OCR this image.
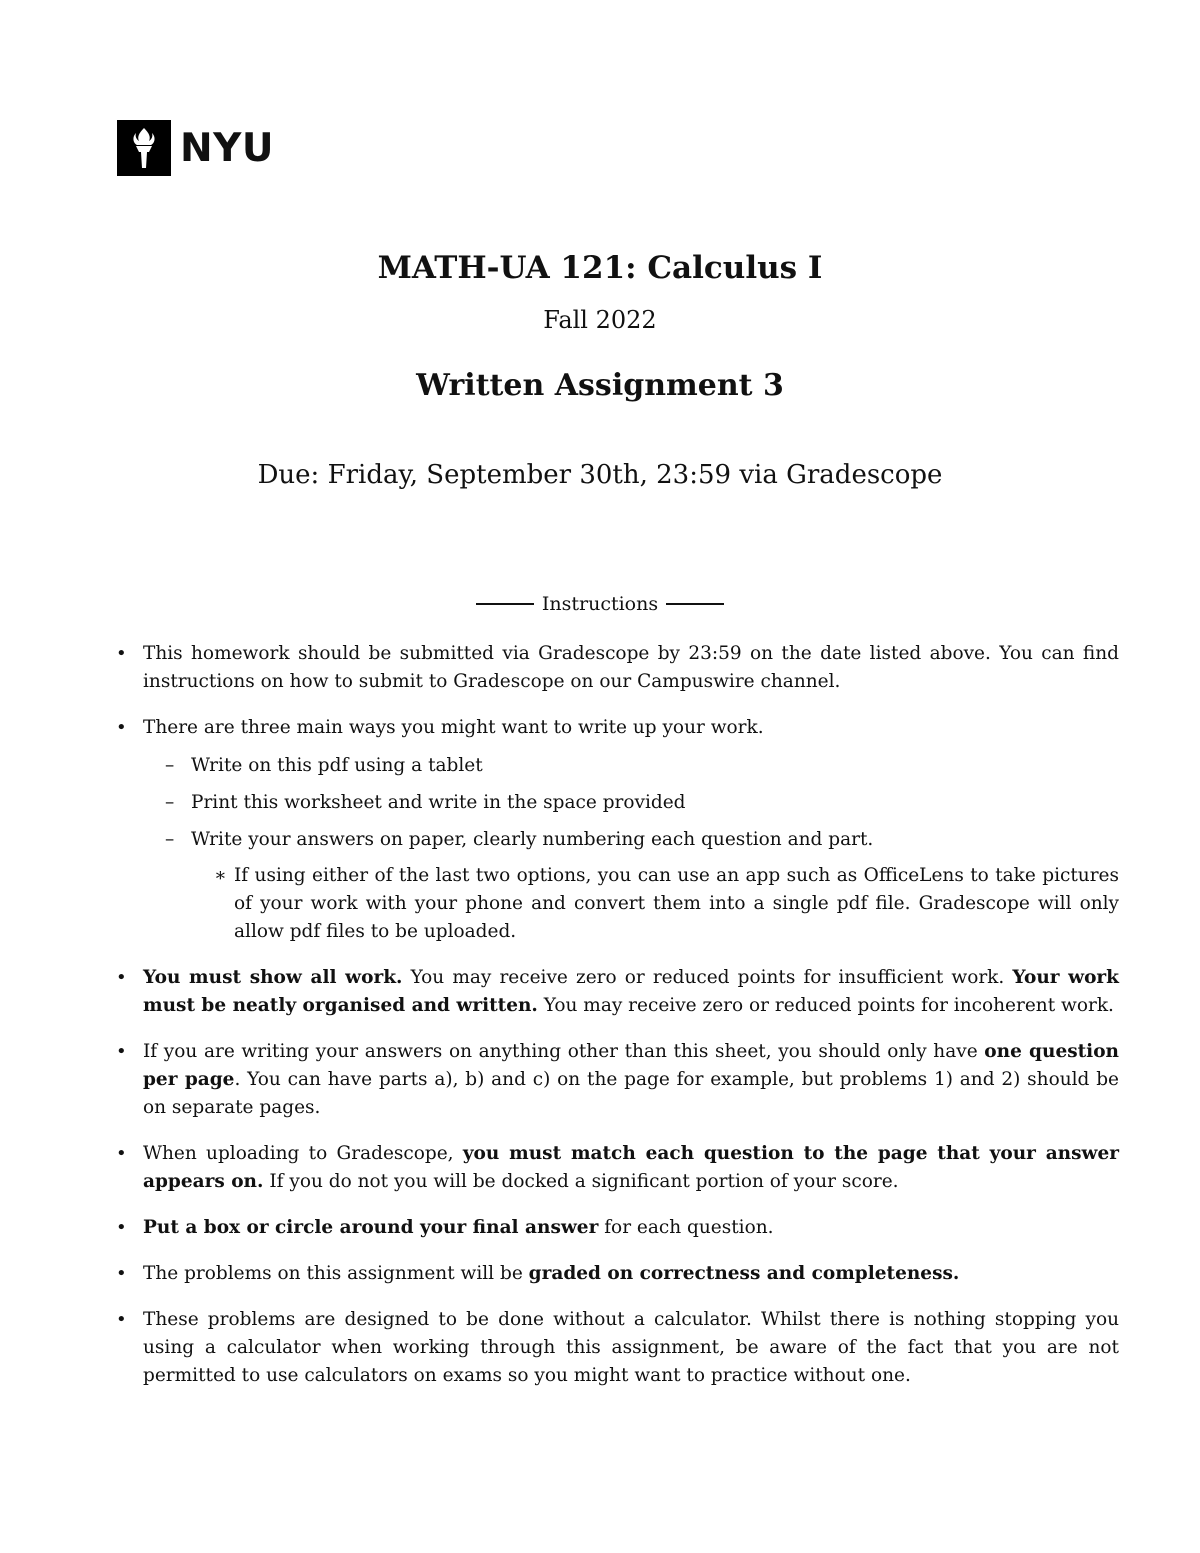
NYU
MATH-UA 121: Calculus I
Fall 2022
Written Assignment 3
Due: Friday, September 30th, 23:59 via Gradescope
Instructions
• This homework should be submitted via Gradescope by 23:59 on the date listed above. You can find instructions on how to submit to Gradescope on our Campuswire channel.
• There are three main ways you might want to write up your work.
– Write on this pdf using a tablet
– Print this worksheet and write in the space provided
– Write your answers on paper, clearly numbering each question and part.
∗ If using either of the last two options, you can use an app such as OfficeLens to take pictures of your work with your phone and convert them into a single pdf file. Gradescope will only allow pdf files to be uploaded.
• You must show all work. You may receive zero or reduced points for insufficient work. Your work must be neatly organised and written. You may receive zero or reduced points for incoherent work.
• If you are writing your answers on anything other than this sheet, you should only have one question per page. You can have parts a), b) and c) on the page for example, but problems 1) and 2) should be on separate pages.
• When uploading to Gradescope, you must match each question to the page that your answer appears on. If you do not you will be docked a significant portion of your score.
• Put a box or circle around your final answer for each question.
• The problems on this assignment will be graded on correctness and completeness.
• These problems are designed to be done without a calculator. Whilst there is nothing stopping you using a calculator when working through this assignment, be aware of the fact that you are not permitted to use calculators on exams so you might want to practice without one.
